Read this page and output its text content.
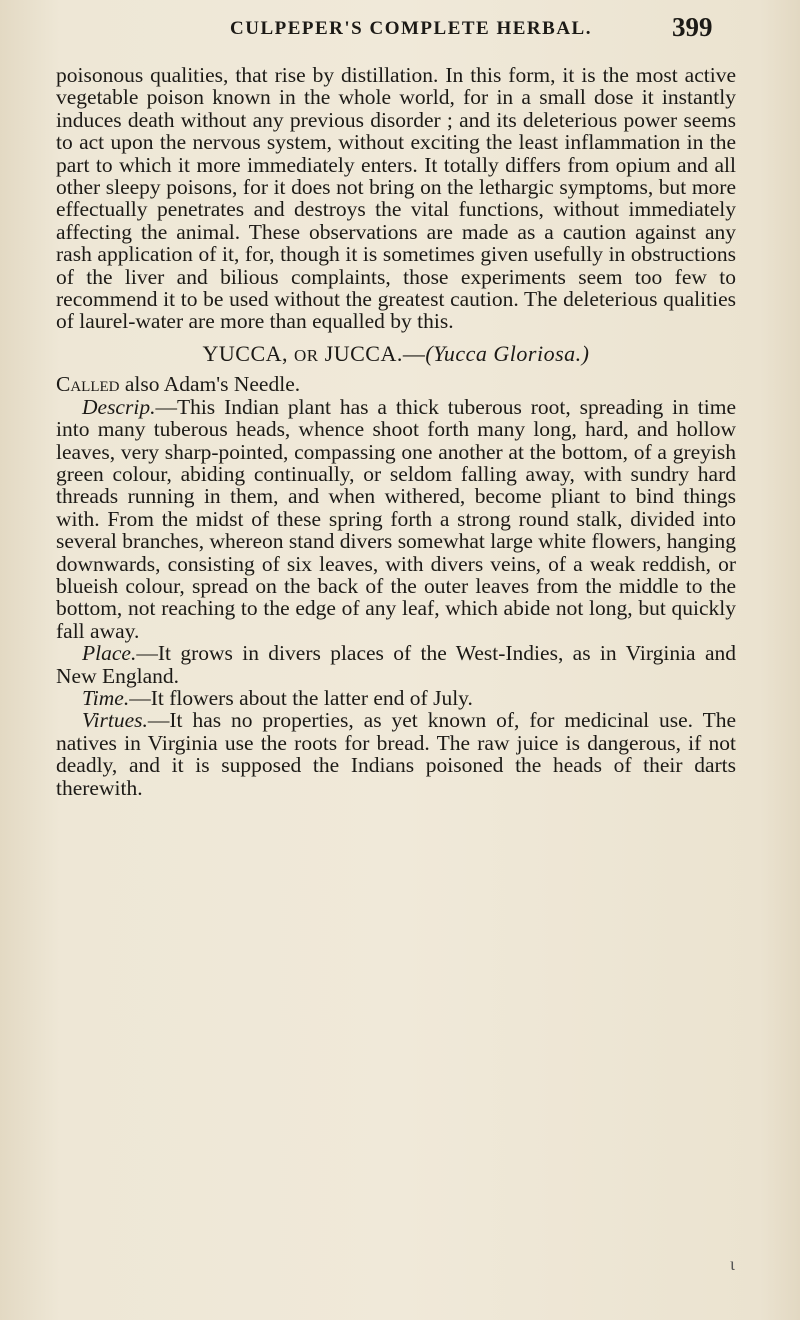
CULPEPER'S COMPLETE HERBAL.	399

poisonous qualities, that rise by distillation. In this form, it is the most active vegetable poison known in the whole world, for in a small dose it instantly induces death without any previous disorder ; and its deleterious power seems to act upon the nervous system, without exciting the least inflammation in the part to which it more immediately enters. It totally differs from opium and all other sleepy poisons, for it does not bring on the lethargic symptoms, but more effectually penetrates and destroys the vital functions, without immediately affecting the animal. These observations are made as a caution against any rash application of it, for, though it is sometimes given usefully in obstructions of the liver and bilious complaints, those experiments seem too few to recommend it to be used without the greatest caution. The deleterious qualities of laurel-water are more than equalled by this.

YUCCA, OR JUCCA.—(Yucca Gloriosa.)

Called also Adam's Needle.

Descrip.—This Indian plant has a thick tuberous root, spreading in time into many tuberous heads, whence shoot forth many long, hard, and hollow leaves, very sharp-pointed, compassing one another at the bottom, of a greyish green colour, abiding continually, or seldom falling away, with sundry hard threads running in them, and when withered, become pliant to bind things with. From the midst of these spring forth a strong round stalk, divided into several branches, whereon stand divers somewhat large white flowers, hanging downwards, consisting of six leaves, with divers veins, of a weak reddish, or blueish colour, spread on the back of the outer leaves from the middle to the bottom, not reaching to the edge of any leaf, which abide not long, but quickly fall away.

Place.—It grows in divers places of the West-Indies, as in Virginia and New England.

Time.—It flowers about the latter end of July.

Virtues.—It has no properties, as yet known of, for medicinal use. The natives in Virginia use the roots for bread. The raw juice is dangerous, if not deadly, and it is supposed the Indians poisoned the heads of their darts therewith.

ɩ
